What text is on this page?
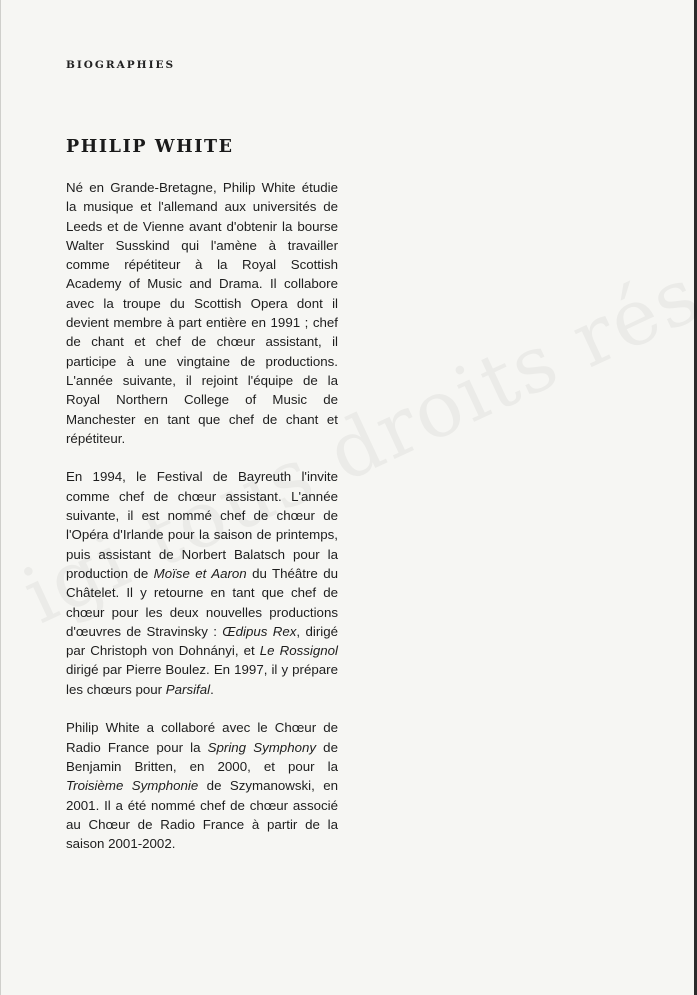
BIOGRAPHIES
PHILIP WHITE

Né en Grande-Bretagne, Philip White étudie la musique et l'allemand aux universités de Leeds et de Vienne avant d'obtenir la bourse Walter Susskind qui l'amène à travailler comme répétiteur à la Royal Scottish Academy of Music and Drama. Il collabore avec la troupe du Scottish Opera dont il devient membre à part entière en 1991 ; chef de chant et chef de chœur assistant, il participe à une vingtaine de productions. L'année suivante, il rejoint l'équipe de la Royal Northern College of Music de Manchester en tant que chef de chant et répétiteur.

En 1994, le Festival de Bayreuth l'invite comme chef de chœur assistant. L'année suivante, il est nommé chef de chœur de l'Opéra d'Irlande pour la saison de printemps, puis assistant de Norbert Balatsch pour la production de Moïse et Aaron du Théâtre du Châtelet. Il y retourne en tant que chef de chœur pour les deux nouvelles productions d'œuvres de Stravinsky : Œdipus Rex, dirigé par Christoph von Dohnányi, et Le Rossignol dirigé par Pierre Boulez. En 1997, il y prépare les chœurs pour Parsifal.

Philip White a collaboré avec le Chœur de Radio France pour la Spring Symphony de Benjamin Britten, en 2000, et pour la Troisième Symphonie de Szymanowski, en 2001. Il a été nommé chef de chœur associé au Chœur de Radio France à partir de la saison 2001-2002.
